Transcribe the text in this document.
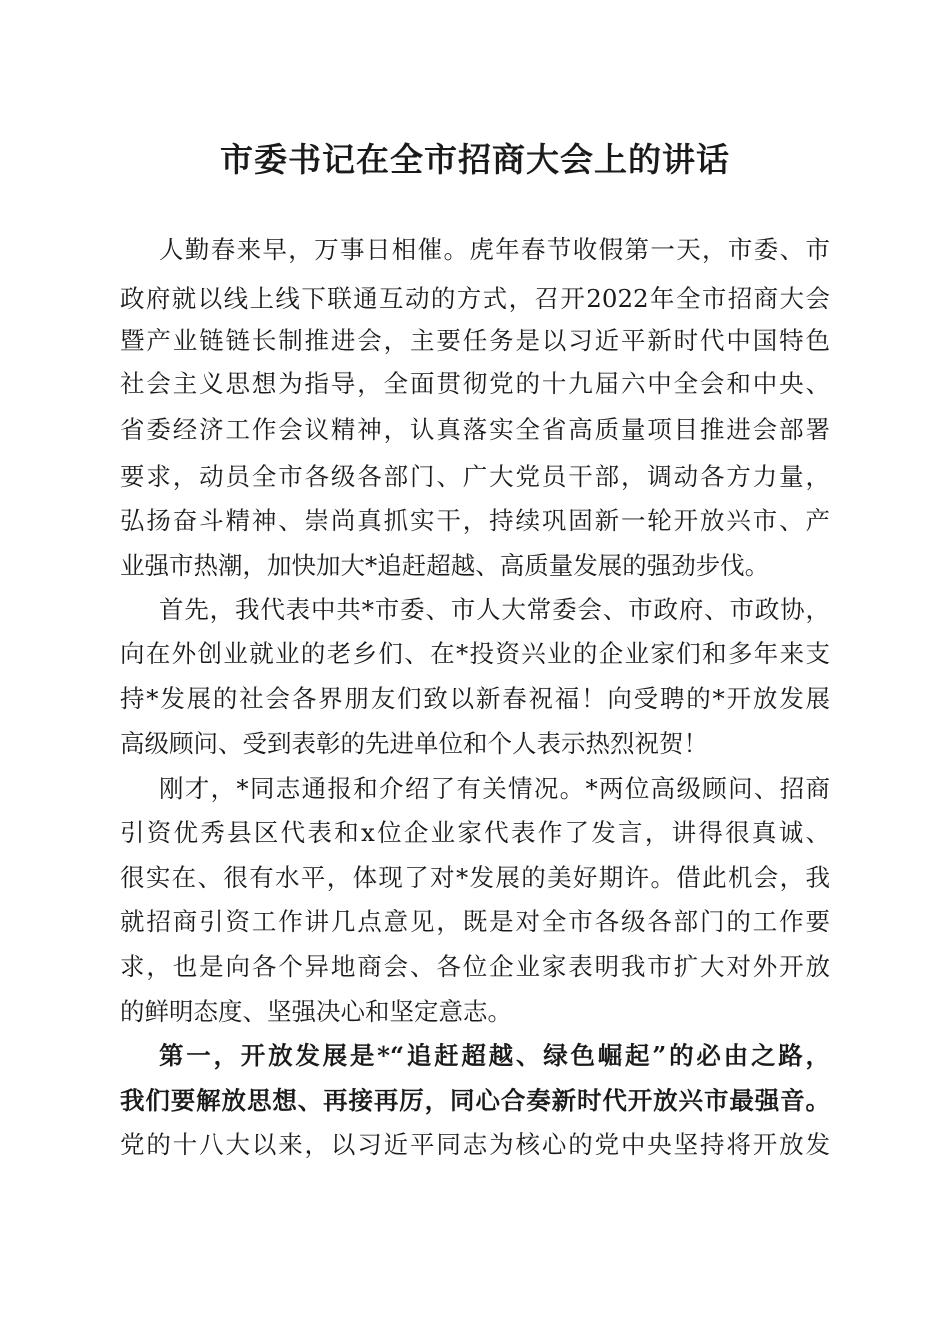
市委书记在全市招商大会上的讲话
人勤春来早，万事日相催。虎年春节收假第一天，市委、市
政府就以线上线下联通互动的方式，召开2022年全市招商大会
暨产业链链长制推进会，主要任务是以习近平新时代中国特色
社会主义思想为指导，全面贯彻党的十九届六中全会和中央、
省委经济工作会议精神，认真落实全省高质量项目推进会部署
要求，动员全市各级各部门、广大党员干部，调动各方力量，
弘扬奋斗精神、崇尚真抓实干，持续巩固新一轮开放兴市、产
业强市热潮，加快加大*追赶超越、高质量发展的强劲步伐。
首先，我代表中共*市委、市人大常委会、市政府、市政协，
向在外创业就业的老乡们、在*投资兴业的企业家们和多年来支
持*发展的社会各界朋友们致以新春祝福！向受聘的*开放发展
高级顾问、受到表彰的先进单位和个人表示热烈祝贺！
刚才，*同志通报和介绍了有关情况。*两位高级顾问、招商
引资优秀县区代表和x位企业家代表作了发言，讲得很真诚、
很实在、很有水平，体现了对*发展的美好期许。借此机会，我
就招商引资工作讲几点意见，既是对全市各级各部门的工作要
求，也是向各个异地商会、各位企业家表明我市扩大对外开放
的鲜明态度、坚强决心和坚定意志。
第一，开放发展是*“追赶超越、绿色崛起”的必由之路，
我们要解放思想、再接再厉，同心合奏新时代开放兴市最强音。
党的十八大以来，以习近平同志为核心的党中央坚持将开放发
